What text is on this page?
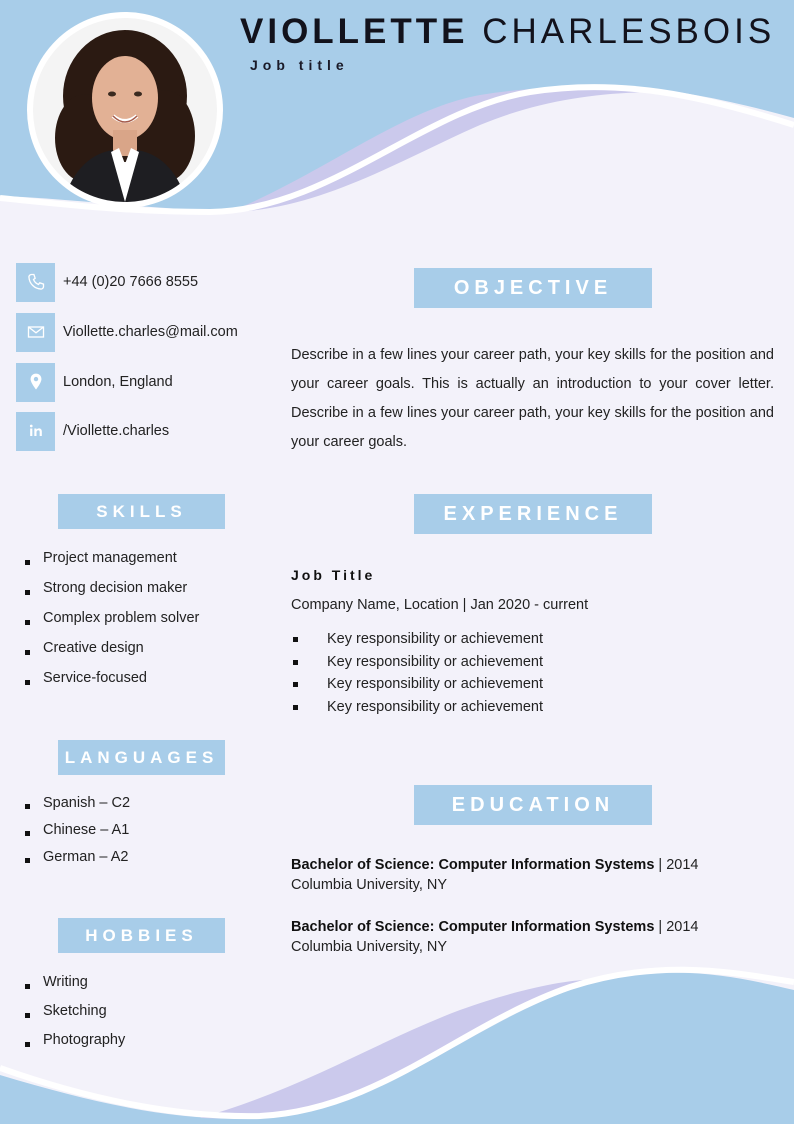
VIOLLETTE CHARLESBOIS
Job title
+44 (0)20 7666 8555
Viollette.charles@mail.com
London, England
/Viollette.charles
SKILLS
Project management
Strong decision maker
Complex problem solver
Creative design
Service-focused
LANGUAGES
Spanish – C2
Chinese – A1
German – A2
HOBBIES
Writing
Sketching
Photography
OBJECTIVE
Describe in a few lines your career path, your key skills for the position and your career goals. This is actually an introduction to your cover letter. Describe in a few lines your career path, your key skills for the position and your career goals.
EXPERIENCE
Job Title
Company Name, Location | Jan 2020 - current
Key responsibility or achievement
Key responsibility or achievement
Key responsibility or achievement
Key responsibility or achievement
EDUCATION
Bachelor of Science: Computer Information Systems | 2014
Columbia University, NY
Bachelor of Science: Computer Information Systems | 2014
Columbia University, NY
